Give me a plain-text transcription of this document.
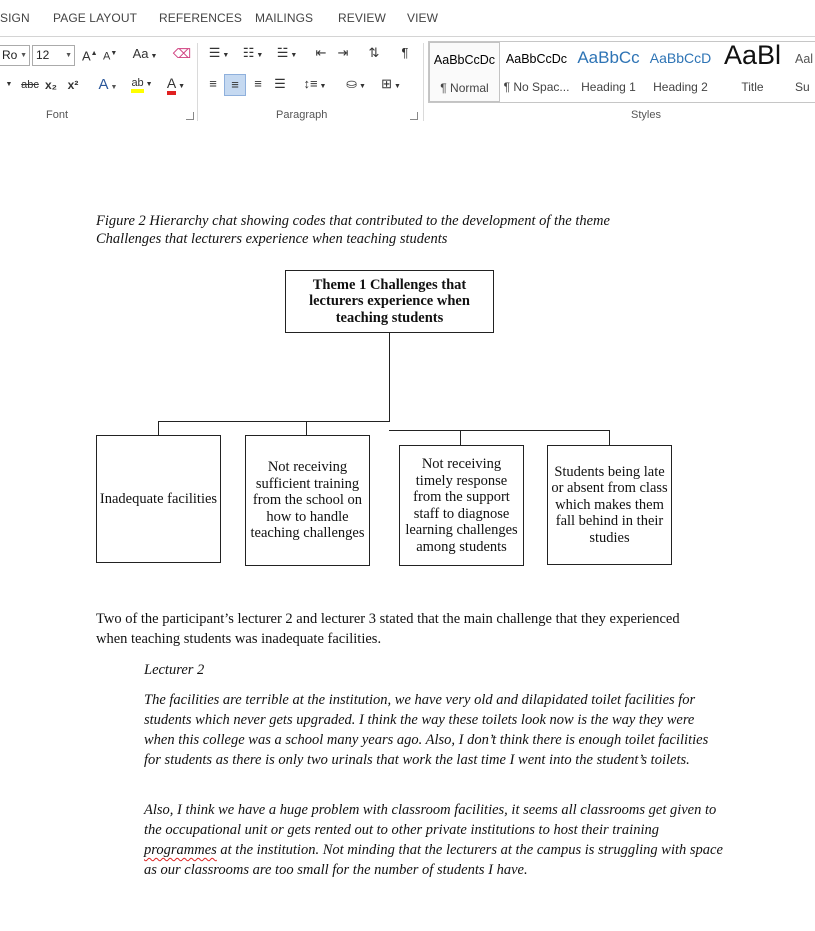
SIGN PAGE LAYOUT REFERENCES MAILINGS REVIEW VIEW
Ro ▼ 12 ▼ A▲ A▼ Aa ▼ ⌫
▼ abc x₂ x² A ▼	ab ▼	A ▼
Font
☰ ▼	☷ ▼	☱ ▼	⇤ ⇥ ⇅	¶
≡	≡	≡ ☰	↕≡ ▼	⛀ ▼	⊞ ▼
Paragraph
AaBbCcDc
¶ Normal
AaBbCcDc
¶ No Spac...
AaBbCc
Heading 1
AaBbCcD
Heading 2
AaBl
Title
Aal
Su
Styles
Figure 2 Hierarchy chat showing codes that contributed to the development of the theme
Challenges that lecturers experience when teaching students
Theme 1 Challenges that lecturers experience when teaching students
Inadequate facilities
Not receiving sufficient training from the school on how to handle teaching challenges
Not receiving timely response from the support staff to diagnose learning challenges among students
Students being late or absent from class which makes them fall behind in their studies
Two of the participant’s lecturer 2 and lecturer 3 stated that the main challenge that they experienced when teaching students was inadequate facilities.
Lecturer 2
The facilities are terrible at the institution, we have very old and dilapidated toilet facilities for students which never gets upgraded. I think the way these toilets look now is the way they were when this college was a school many years ago. Also, I don’t think there is enough toilet facilities for students as there is only two urinals that work the last time I went into the student’s toilets.
Also, I think we have a huge problem with classroom facilities, it seems all classrooms get given to the occupational unit or gets rented out to other private institutions to host their training programmes at the institution. Not minding that the lecturers at the campus is struggling with space as our classrooms are too small for the number of students I have.
